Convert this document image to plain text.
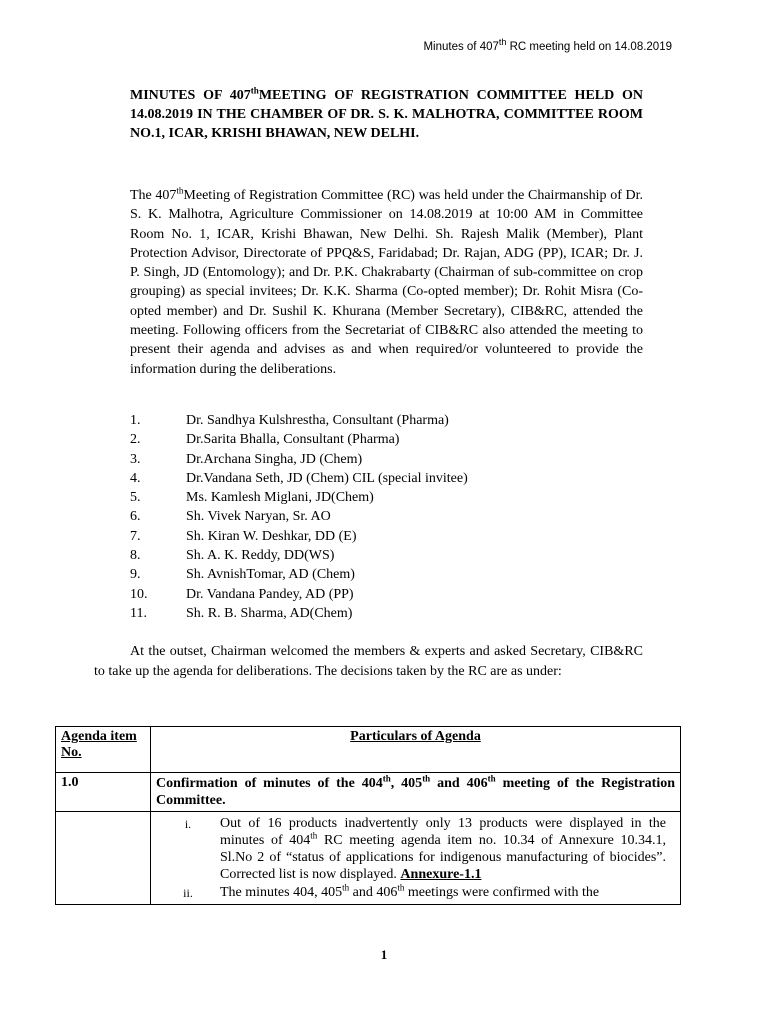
Minutes of 407th RC meeting held on 14.08.2019
MINUTES OF 407thMEETING OF REGISTRATION COMMITTEE HELD ON 14.08.2019 IN THE CHAMBER OF DR. S. K. MALHOTRA, COMMITTEE ROOM NO.1, ICAR, KRISHI BHAWAN, NEW DELHI.
The 407thMeeting of Registration Committee (RC) was held under the Chairmanship of Dr. S. K. Malhotra, Agriculture Commissioner on 14.08.2019 at 10:00 AM in Committee Room No. 1, ICAR, Krishi Bhawan, New Delhi. Sh. Rajesh Malik (Member), Plant Protection Advisor, Directorate of PPQ&S, Faridabad; Dr. Rajan, ADG (PP), ICAR; Dr. J. P. Singh, JD (Entomology); and Dr. P.K. Chakrabarty (Chairman of sub-committee on crop grouping) as special invitees; Dr. K.K. Sharma (Co-opted member); Dr. Rohit Misra (Co-opted member) and Dr. Sushil K. Khurana (Member Secretary), CIB&RC, attended the meeting. Following officers from the Secretariat of CIB&RC also attended the meeting to present their agenda and advises as and when required/or volunteered to provide the information during the deliberations.
1.	Dr. Sandhya Kulshrestha, Consultant (Pharma)
2.	Dr.Sarita Bhalla, Consultant (Pharma)
3.	Dr.Archana Singha, JD (Chem)
4.	Dr.Vandana Seth, JD (Chem) CIL (special invitee)
5.	Ms. Kamlesh Miglani, JD(Chem)
6.	Sh. Vivek Naryan, Sr. AO
7.	Sh. Kiran W. Deshkar, DD (E)
8.	Sh. A. K. Reddy, DD(WS)
9.	Sh. AvnishTomar, AD (Chem)
10.	Dr. Vandana Pandey, AD (PP)
11.	Sh. R. B. Sharma, AD(Chem)
At the outset, Chairman welcomed the members & experts and asked Secretary, CIB&RC to take up the agenda for deliberations. The decisions taken by the RC are as under:
Agenda item No.	Particulars of Agenda
1.0	Confirmation of minutes of the 404th, 405th and 406th meeting of the Registration Committee.

	i. Out of 16 products inadvertently only 13 products were displayed in the minutes of 404th RC meeting agenda item no. 10.34 of Annexure 10.34.1, Sl.No 2 of “status of applications for indigenous manufacturing of biocides”. Corrected list is now displayed. Annexure-1.1
ii. The minutes 404, 405th and 406th meetings were confirmed with the
1
